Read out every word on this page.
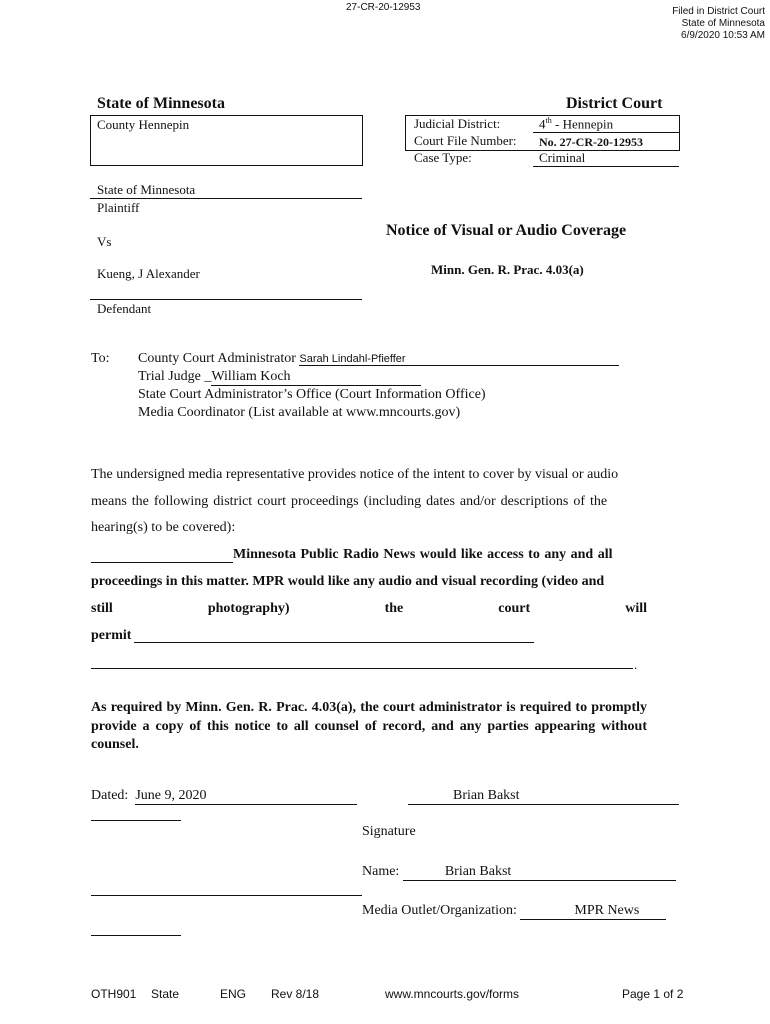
27-CR-20-12953	Filed in District Court
State of Minnesota
6/9/2020 10:53 AM
State of Minnesota	District Court
County Hennepin	Judicial District:	4th - Hennepin
Court File Number: No. 27-CR-20-12953
Case Type:	Criminal
State of Minnesota
Plaintiff
Vs
Kueng, J Alexander
Defendant
Notice of Visual or Audio Coverage
Minn. Gen. R. Prac. 4.03(a)
To: County Court Administrator Sarah Lindahl-Pfieffer
Trial Judge _William Koch
State Court Administrator’s Office (Court Information Office)
Media Coordinator (List available at www.mncourts.gov)
The undersigned media representative provides notice of the intent to cover by visual or audio
means the following district court proceedings (including dates and/or descriptions of the
hearing(s) to be covered):
Minnesota Public Radio News would like access to any and all
proceedings in this matter. MPR would like any audio and visual recording (video and
still	photography)	the	court	will
permit
.
As required by Minn. Gen. R. Prac. 4.03(a), the court administrator is required to promptly provide a copy of this notice to all counsel of record, and any parties appearing without counsel.
Dated: June 9, 2020	Brian Bakst
Signature
Name:	Brian Bakst
Media Outlet/Organization:	MPR News
OTH901 State	ENG Rev 8/18	www.mncourts.gov/forms	Page 1 of 2
